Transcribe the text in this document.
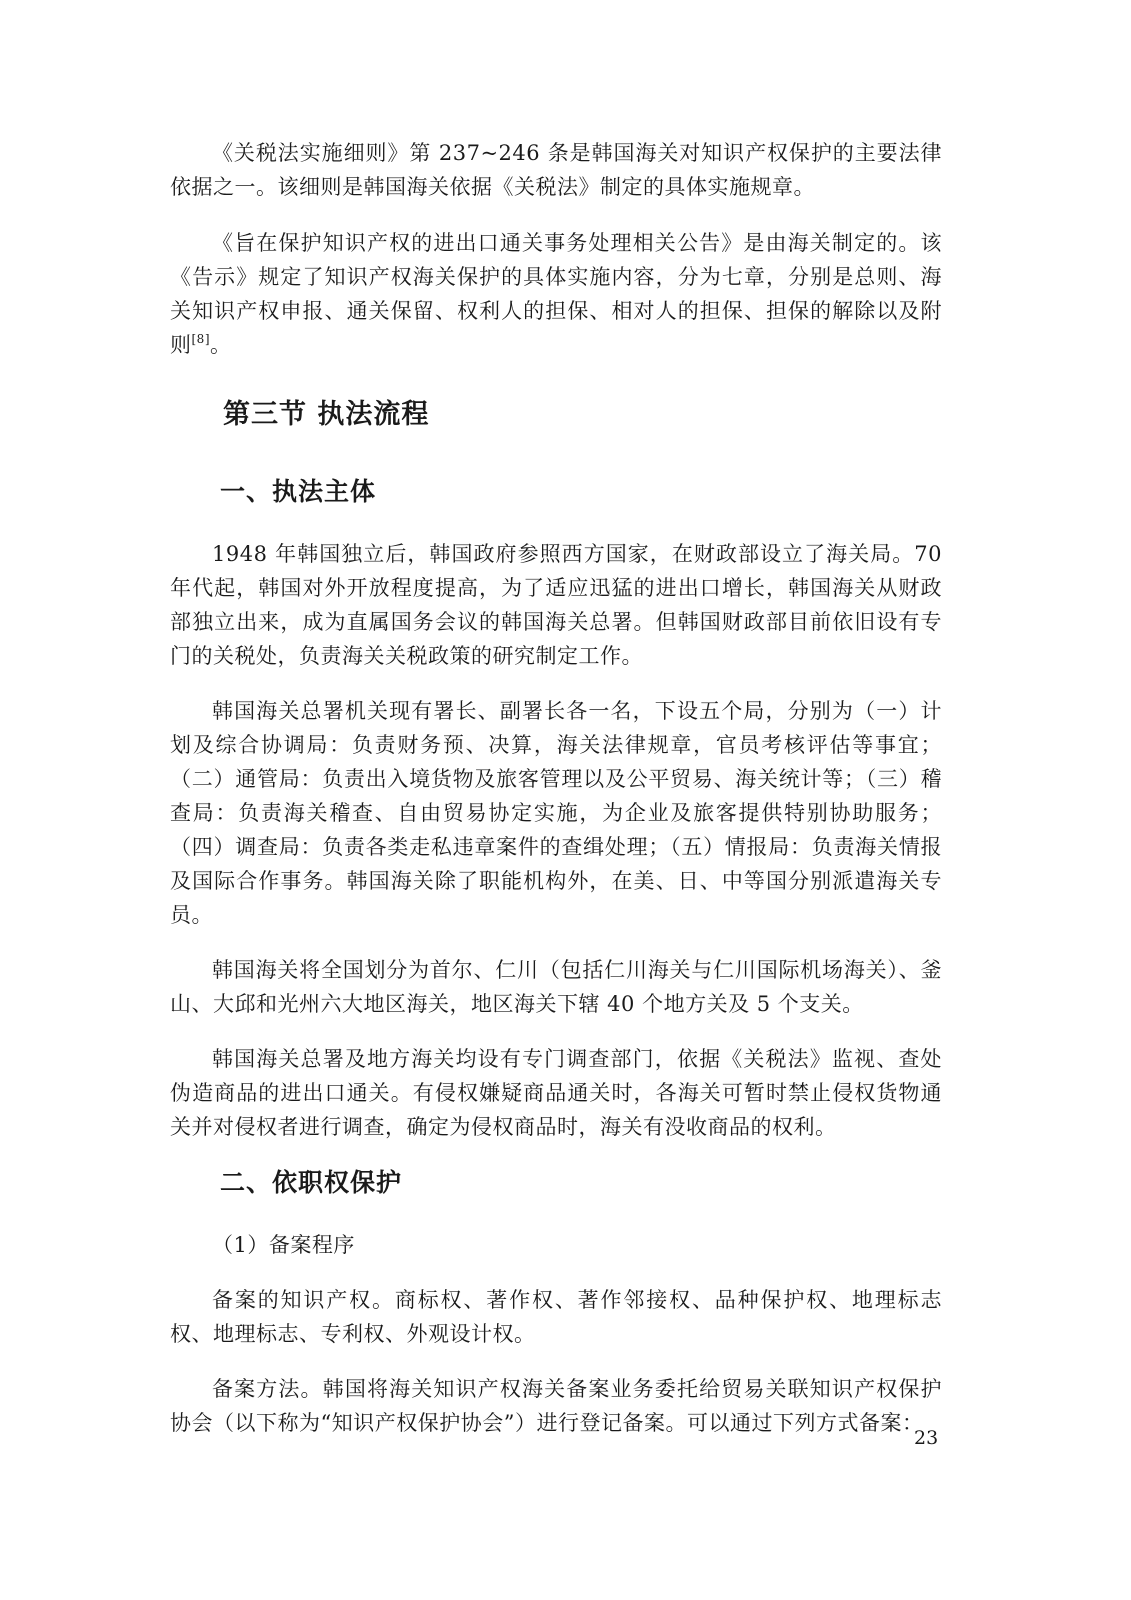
《关税法实施细则》第 237~246 条是韩国海关对知识产权保护的主要法律依据之一。该细则是韩国海关依据《关税法》制定的具体实施规章。

《旨在保护知识产权的进出口通关事务处理相关公告》是由海关制定的。该《告示》规定了知识产权海关保护的具体实施内容，分为七章，分别是总则、海关知识产权申报、通关保留、权利人的担保、相对人的担保、担保的解除以及附则[8]。

第三节 执法流程
一、执法主体

1948 年韩国独立后，韩国政府参照西方国家，在财政部设立了海关局。70 年代起，韩国对外开放程度提高，为了适应迅猛的进出口增长，韩国海关从财政部独立出来，成为直属国务会议的韩国海关总署。但韩国财政部目前依旧设有专门的关税处，负责海关关税政策的研究制定工作。

韩国海关总署机关现有署长、副署长各一名，下设五个局，分别为（一）计划及综合协调局：负责财务预、决算，海关法律规章，官员考核评估等事宜；（二）通管局：负责出入境货物及旅客管理以及公平贸易、海关统计等；（三）稽查局：负责海关稽查、自由贸易协定实施，为企业及旅客提供特别协助服务；（四）调查局：负责各类走私违章案件的查缉处理；（五）情报局：负责海关情报及国际合作事务。韩国海关除了职能机构外，在美、日、中等国分别派遣海关专员。

韩国海关将全国划分为首尔、仁川（包括仁川海关与仁川国际机场海关）、釜山、大邱和光州六大地区海关，地区海关下辖 40 个地方关及 5 个支关。

韩国海关总署及地方海关均设有专门调查部门，依据《关税法》监视、查处伪造商品的进出口通关。有侵权嫌疑商品通关时，各海关可暂时禁止侵权货物通关并对侵权者进行调查，确定为侵权商品时，海关有没收商品的权利。

二、依职权保护

（1）备案程序

备案的知识产权。商标权、著作权、著作邻接权、品种保护权、地理标志权、地理标志、专利权、外观设计权。

备案方法。韩国将海关知识产权海关备案业务委托给贸易关联知识产权保护协会（以下称为“知识产权保护协会”）进行登记备案。可以通过下列方式备案：

23
